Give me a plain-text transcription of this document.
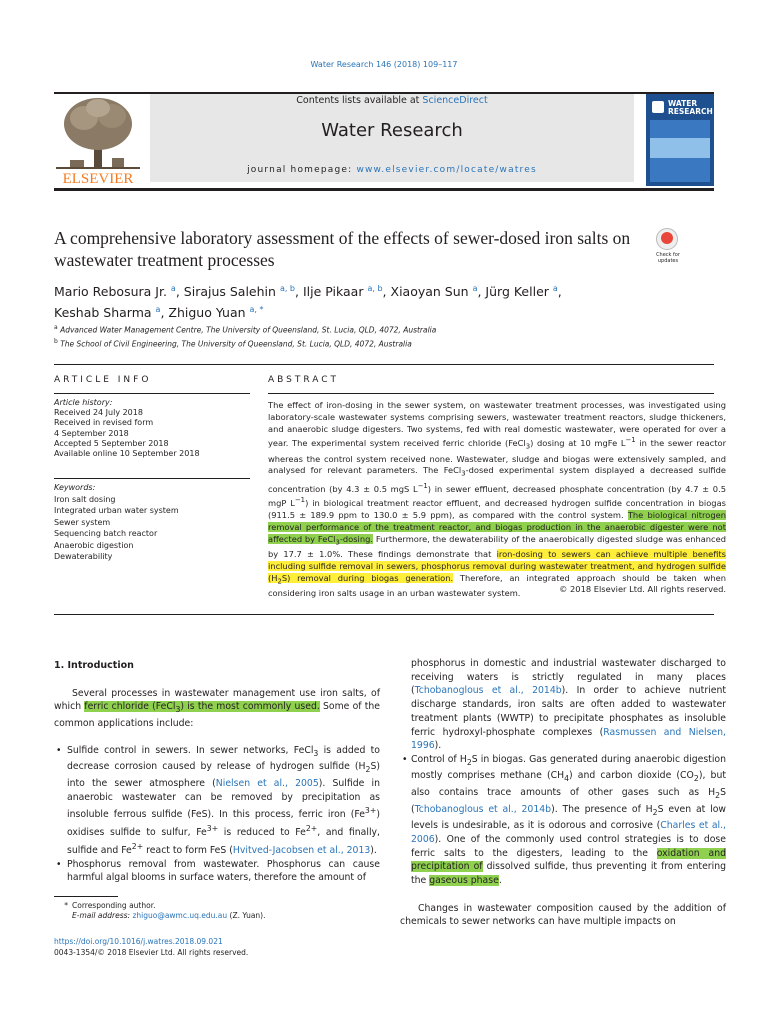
Water Research 146 (2018) 109–117
ELSEVIER
Contents lists available at ScienceDirect
Water Research
journal homepage: www.elsevier.com/locate/watres
WATER RESEARCH
A comprehensive laboratory assessment of the effects of sewer-dosed iron salts on wastewater treatment processes	Check for updates
Mario Rebosura Jr. $^a$, Sirajus Salehin $^{a, b}$, Ilje Pikaar $^{a, b}$, Xiaoyan Sun $^a$, Jürg Keller $^a$,
Keshab Sharma $^a$, Zhiguo Yuan $^{a, *}$
$^a$ Advanced Water Management Centre, The University of Queensland, St. Lucia, QLD, 4072, Australia
$^b$ The School of Civil Engineering, The University of Queensland, St. Lucia, QLD, 4072, Australia
ARTICLE INFO	ABSTRACT
Article history:
Received 24 July 2018
Received in revised form
4 September 2018
Accepted 5 September 2018
Available online 10 September 2018
Keywords:
Iron salt dosing
Integrated urban water system
Sewer system
Sequencing batch reactor
Anaerobic digestion
Dewaterability
The effect of iron-dosing in the sewer system, on wastewater treatment processes, was investigated using laboratory-scale wastewater systems comprising sewers, wastewater treatment reactors, sludge thickeners, and anaerobic sludge digesters. Two systems, fed with real domestic wastewater, were operated for over a year. The experimental system received ferric chloride (FeCl$_3$) dosing at 10 mgFe $L^{-1}$ in the sewer reactor whereas the control system received none. Wastewater, sludge and biogas were extensively sampled, and analysed for relevant parameters. The FeCl$_3$-dosed experimental system displayed a decreased sulfide concentration (by 4.3 ± 0.5 mgS $L^{-1}$) in sewer effluent, decreased phosphate concentration (by 4.7 ± 0.5 mgP $L^{-1}$) in biological treatment reactor effluent, and decreased hydrogen sulfide concentration in biogas (911.5 ± 189.9 ppm to 130.0 ± 5.9 ppm), as compared with the control system. The biological nitrogen removal performance of the treatment reactor, and biogas production in the anaerobic digester were not affected by FeCl$_3$-dosing. Furthermore, the dewaterability of the anaerobically digested sludge was enhanced by 17.7 ± 1.0%. These findings demonstrate that iron-dosing to sewers can achieve multiple benefits including sulfide removal in sewers, phosphorus removal during wastewater treatment, and hydrogen sulfide $(H_2S)$ removal during biogas generation. Therefore, an integrated approach should be taken when considering iron salts usage in an urban wastewater system.	© 2018 Elsevier Ltd. All rights reserved.
1. Introduction

Several processes in wastewater management use iron salts, of which ferric chloride (FeCl$_3$) is the most commonly used. Some of the common applications include:

• Sulfide control in sewers. In sewer networks, FeCl$_3$ is added to decrease corrosion caused by release of hydrogen sulfide $(H_2S)$ into the sewer atmosphere (Nielsen et al., 2005). Sulfide in anaerobic wastewater can be removed by precipitation as insoluble ferrous sulfide (FeS). In this process, ferric iron $(Fe^{3+})$ oxidises sulfide to sulfur, $Fe^{3+}$ is reduced to $Fe^{2+}$, and finally, sulfide and $Fe^{2+}$ react to form FeS (Hvitved-Jacobsen et al., 2013).
• Phosphorus removal from wastewater. Phosphorus can cause harmful algal blooms in surface waters, therefore the amount of

phosphorus in domestic and industrial wastewater discharged to receiving waters is strictly regulated in many places (Tchobanoglous et al., 2014b). In order to achieve nutrient discharge standards, iron salts are often added to wastewater treatment plants (WWTP) to precipitate phosphates as insoluble ferric hydroxyl-phosphate complexes (Rasmussen and Nielsen, 1996).

• Control of $H_2S$ in biogas. Gas generated during anaerobic digestion mostly comprises methane $(CH_4)$ and carbon dioxide $(CO_2)$, but also contains trace amounts of other gases such as $H_2S$ (Tchobanoglous et al., 2014b). The presence of $H_2S$ even at low levels is undesirable, as it is odorous and corrosive (Charles et al., 2006). One of the commonly used control strategies is to dose ferric salts to the digesters, leading to the oxidation and precipitation of dissolved sulfide, thus preventing it from entering the gaseous phase.

Changes in wastewater composition caused by the addition of chemicals to sewer networks can have multiple impacts on

* Corresponding author.
E-mail address: zhiguo@awmc.uq.edu.au (Z. Yuan).
https://doi.org/10.1016/j.watres.2018.09.021
0043-1354/© 2018 Elsevier Ltd. All rights reserved.
